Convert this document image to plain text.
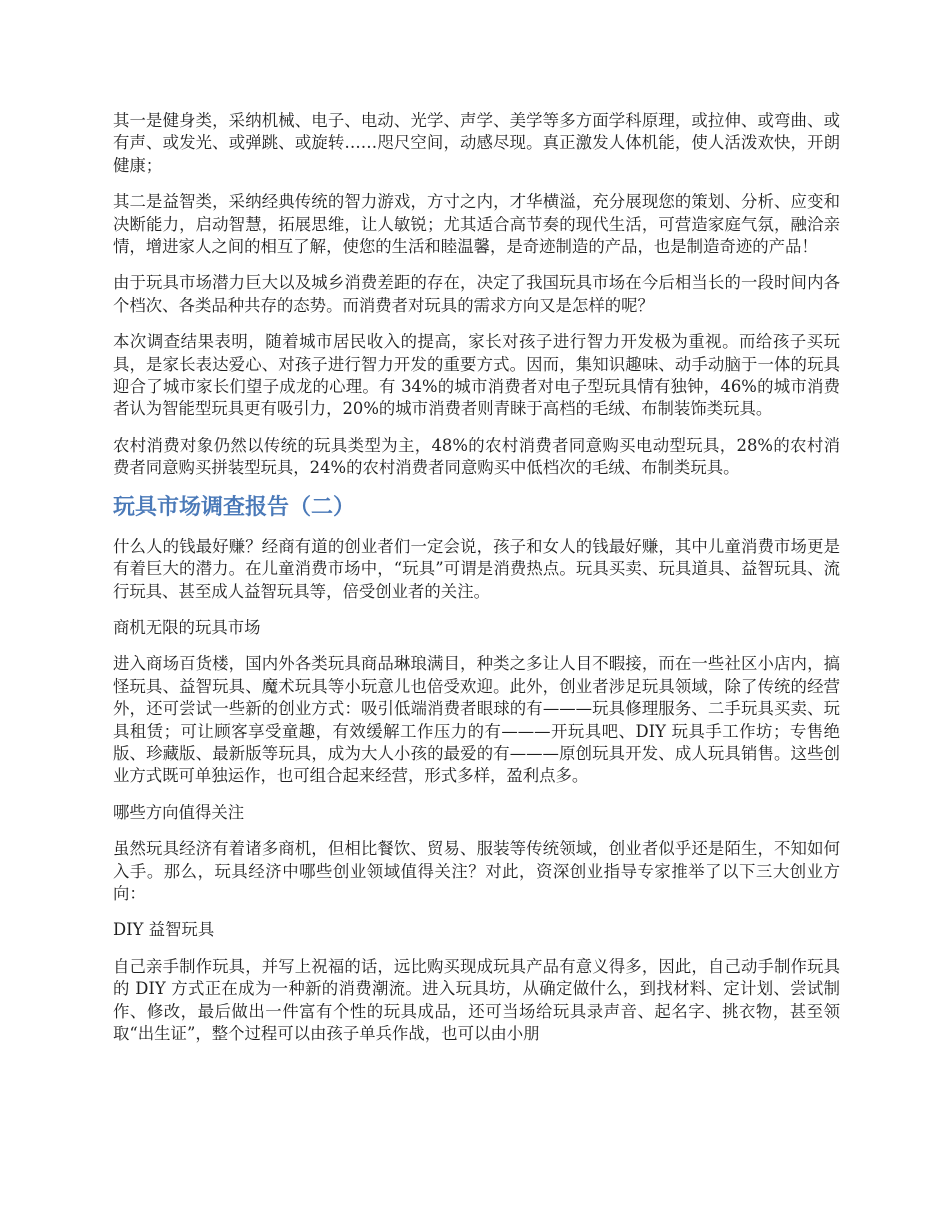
其一是健身类，采纳机械、电子、电动、光学、声学、美学等多方面学科原理，或拉伸、或弯曲、或有声、或发光、或弹跳、或旋转……咫尺空间，动感尽现。真正激发人体机能，使人活泼欢快，开朗健康；

其二是益智类，采纳经典传统的智力游戏，方寸之内，才华横溢，充分展现您的策划、分析、应变和决断能力，启动智慧，拓展思维，让人敏锐；尤其适合高节奏的现代生活，可营造家庭气氛，融洽亲情，增进家人之间的相互了解，使您的生活和睦温馨，是奇迹制造的产品，也是制造奇迹的产品！

由于玩具市场潜力巨大以及城乡消费差距的存在，决定了我国玩具市场在今后相当长的一段时间内各个档次、各类品种共存的态势。而消费者对玩具的需求方向又是怎样的呢？

本次调查结果表明，随着城市居民收入的提高，家长对孩子进行智力开发极为重视。而给孩子买玩具，是家长表达爱心、对孩子进行智力开发的重要方式。因而，集知识趣味、动手动脑于一体的玩具迎合了城市家长们望子成龙的心理。有 34%的城市消费者对电子型玩具情有独钟，46%的城市消费者认为智能型玩具更有吸引力，20%的城市消费者则青睐于高档的毛绒、布制装饰类玩具。

农村消费对象仍然以传统的玩具类型为主，48%的农村消费者同意购买电动型玩具，28%的农村消费者同意购买拼装型玩具，24%的农村消费者同意购买中低档次的毛绒、布制类玩具。

玩具市场调查报告（二）

什么人的钱最好赚？经商有道的创业者们一定会说，孩子和女人的钱最好赚，其中儿童消费市场更是有着巨大的潜力。在儿童消费市场中，“玩具”可谓是消费热点。玩具买卖、玩具道具、益智玩具、流行玩具、甚至成人益智玩具等，倍受创业者的关注。

商机无限的玩具市场

进入商场百货楼，国内外各类玩具商品琳琅满目，种类之多让人目不暇接，而在一些社区小店内，搞怪玩具、益智玩具、魔术玩具等小玩意儿也倍受欢迎。此外，创业者涉足玩具领域，除了传统的经营外，还可尝试一些新的创业方式：吸引低端消费者眼球的有———玩具修理服务、二手玩具买卖、玩具租赁；可让顾客享受童趣，有效缓解工作压力的有———开玩具吧、DIY 玩具手工作坊；专售绝版、珍藏版、最新版等玩具，成为大人小孩的最爱的有———原创玩具开发、成人玩具销售。这些创业方式既可单独运作，也可组合起来经营，形式多样，盈利点多。

哪些方向值得关注

虽然玩具经济有着诸多商机，但相比餐饮、贸易、服装等传统领域，创业者似乎还是陌生，不知如何入手。那么，玩具经济中哪些创业领域值得关注？对此，资深创业指导专家推举了以下三大创业方向：

DIY 益智玩具

自己亲手制作玩具，并写上祝福的话，远比购买现成玩具产品有意义得多，因此，自己动手制作玩具的 DIY 方式正在成为一种新的消费潮流。进入玩具坊，从确定做什么，到找材料、定计划、尝试制作、修改，最后做出一件富有个性的玩具成品，还可当场给玩具录声音、起名字、挑衣物，甚至领取“出生证”，整个过程可以由孩子单兵作战，也可以由小朋
